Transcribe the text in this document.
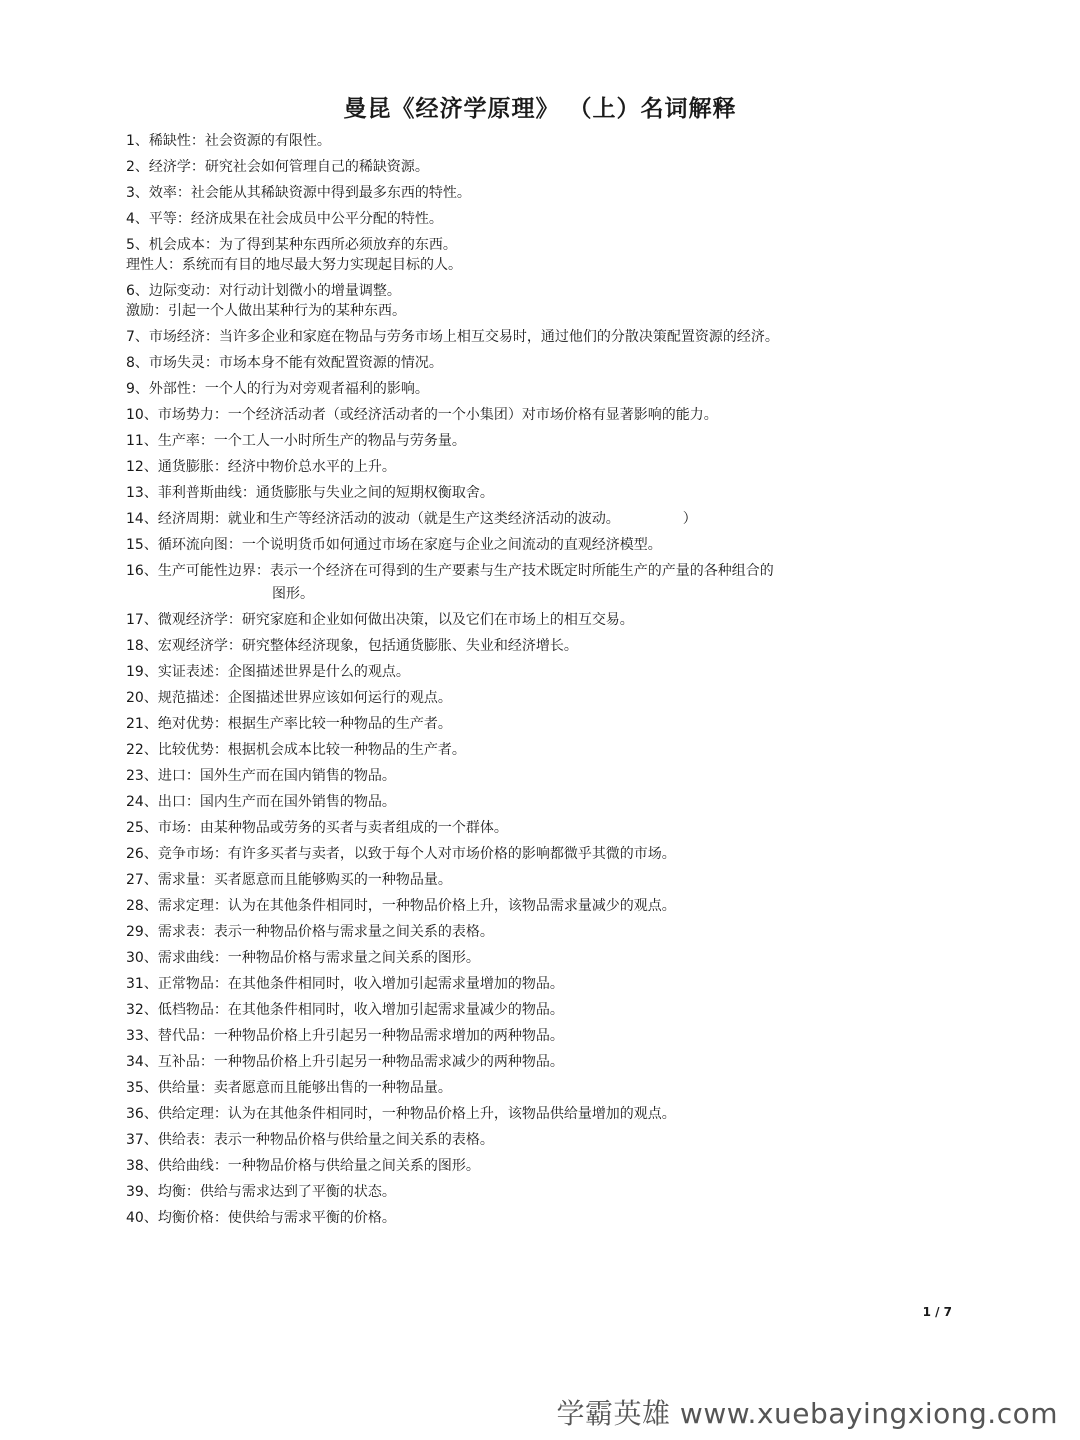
曼昆《经济学原理》 （上）名词解释
1、稀缺性：社会资源的有限性。
2、经济学：研究社会如何管理自己的稀缺资源。
3、效率：社会能从其稀缺资源中得到最多东西的特性。
4、平等：经济成果在社会成员中公平分配的特性。
5、机会成本：为了得到某种东西所必须放弃的东西。
理性人：系统而有目的地尽最大努力实现起目标的人。
6、边际变动：对行动计划微小的增量调整。
激励：引起一个人做出某种行为的某种东西。
7、市场经济：当许多企业和家庭在物品与劳务市场上相互交易时，通过他们的分散决策配置资源的经济。
8、市场失灵：市场本身不能有效配置资源的情况。
9、外部性：一个人的行为对旁观者福利的影响。
10、市场势力：一个经济活动者（或经济活动者的一个小集团）对市场价格有显著影响的能力。
11、生产率：一个工人一小时所生产的物品与劳务量。
12、通货膨胀：经济中物价总水平的上升。
13、菲利普斯曲线：通货膨胀与失业之间的短期权衡取舍。
14、经济周期：就业和生产等经济活动的波动（就是生产这类经济活动的波动。　　　　　）
15、循环流向图：一个说明货币如何通过市场在家庭与企业之间流动的直观经济模型。
16、生产可能性边界：表示一个经济在可得到的生产要素与生产技术既定时所能生产的产量的各种组合的
图形。
17、微观经济学：研究家庭和企业如何做出决策，以及它们在市场上的相互交易。
18、宏观经济学：研究整体经济现象，包括通货膨胀、失业和经济增长。
19、实证表述：企图描述世界是什么的观点。
20、规范描述：企图描述世界应该如何运行的观点。
21、绝对优势：根据生产率比较一种物品的生产者。
22、比较优势：根据机会成本比较一种物品的生产者。
23、进口：国外生产而在国内销售的物品。
24、出口：国内生产而在国外销售的物品。
25、市场：由某种物品或劳务的买者与卖者组成的一个群体。
26、竞争市场：有许多买者与卖者，以致于每个人对市场价格的影响都微乎其微的市场。
27、需求量：买者愿意而且能够购买的一种物品量。
28、需求定理：认为在其他条件相同时，一种物品价格上升，该物品需求量减少的观点。
29、需求表：表示一种物品价格与需求量之间关系的表格。
30、需求曲线：一种物品价格与需求量之间关系的图形。
31、正常物品：在其他条件相同时，收入增加引起需求量增加的物品。
32、低档物品：在其他条件相同时，收入增加引起需求量减少的物品。
33、替代品：一种物品价格上升引起另一种物品需求增加的两种物品。
34、互补品：一种物品价格上升引起另一种物品需求减少的两种物品。
35、供给量：卖者愿意而且能够出售的一种物品量。
36、供给定理：认为在其他条件相同时，一种物品价格上升，该物品供给量增加的观点。
37、供给表：表示一种物品价格与供给量之间关系的表格。
38、供给曲线：一种物品价格与供给量之间关系的图形。
39、均衡：供给与需求达到了平衡的状态。
40、均衡价格：使供给与需求平衡的价格。
1 / 7
学霸英雄 www.xuebayingxiong.com
